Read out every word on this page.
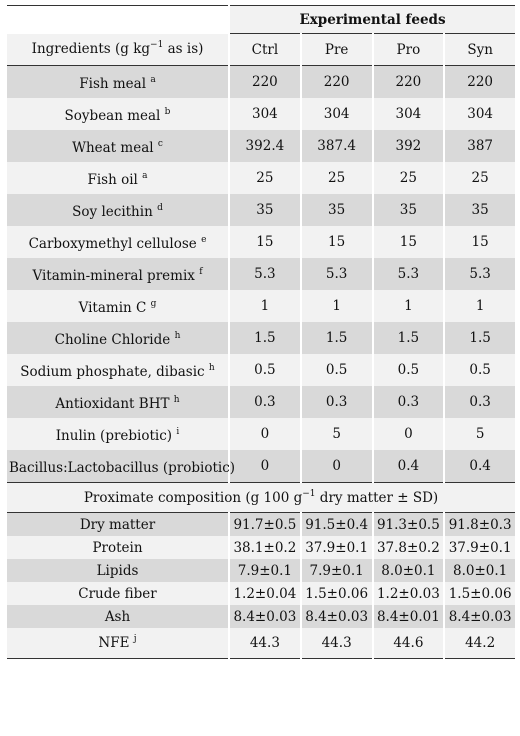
	Experimental feeds			
Ingredients (g $kg^{-1}$ as is)	Ctrl	Pre	Pro	Syn
Fish meal $^a$	220	220	220	220
Soybean meal $^b$	304	304	304	304
Wheat meal $^c$	392.4	387.4	392	387
Fish oil $^a$	25	25	25	25
Soy lecithin $^d$	35	35	35	35
Carboxymethyl cellulose $^e$	15	15	15	15
Vitamin-mineral premix $^f$	5.3	5.3	5.3	5.3
Vitamin C $^g$	1	1	1	1
Choline Chloride $^h$	1.5	1.5	1.5	1.5
Sodium phosphate, dibasic $^h$	0.5	0.5	0.5	0.5
Antioxidant BHT $^h$	0.3	0.3	0.3	0.3
Inulin (prebiotic) $^i$	0	5	0	5
Bacillus:Lactobacillus (probiotic)	0	0	0.4	0.4
Proximate composition (g 100 $g^{-1}$ dry matter ± SD)				
Dry matter	91.7±0.5	91.5±0.4	91.3±0.5	91.8±0.3
Protein	38.1±0.2	37.9±0.1	37.8±0.2	37.9±0.1
Lipids	7.9±0.1	7.9±0.1	8.0±0.1	8.0±0.1
Crude fiber	1.2±0.04	1.5±0.06	1.2±0.03	1.5±0.06
Ash	8.4±0.03	8.4±0.03	8.4±0.01	8.4±0.03
NFE $^j$	44.3	44.3	44.6	44.2
